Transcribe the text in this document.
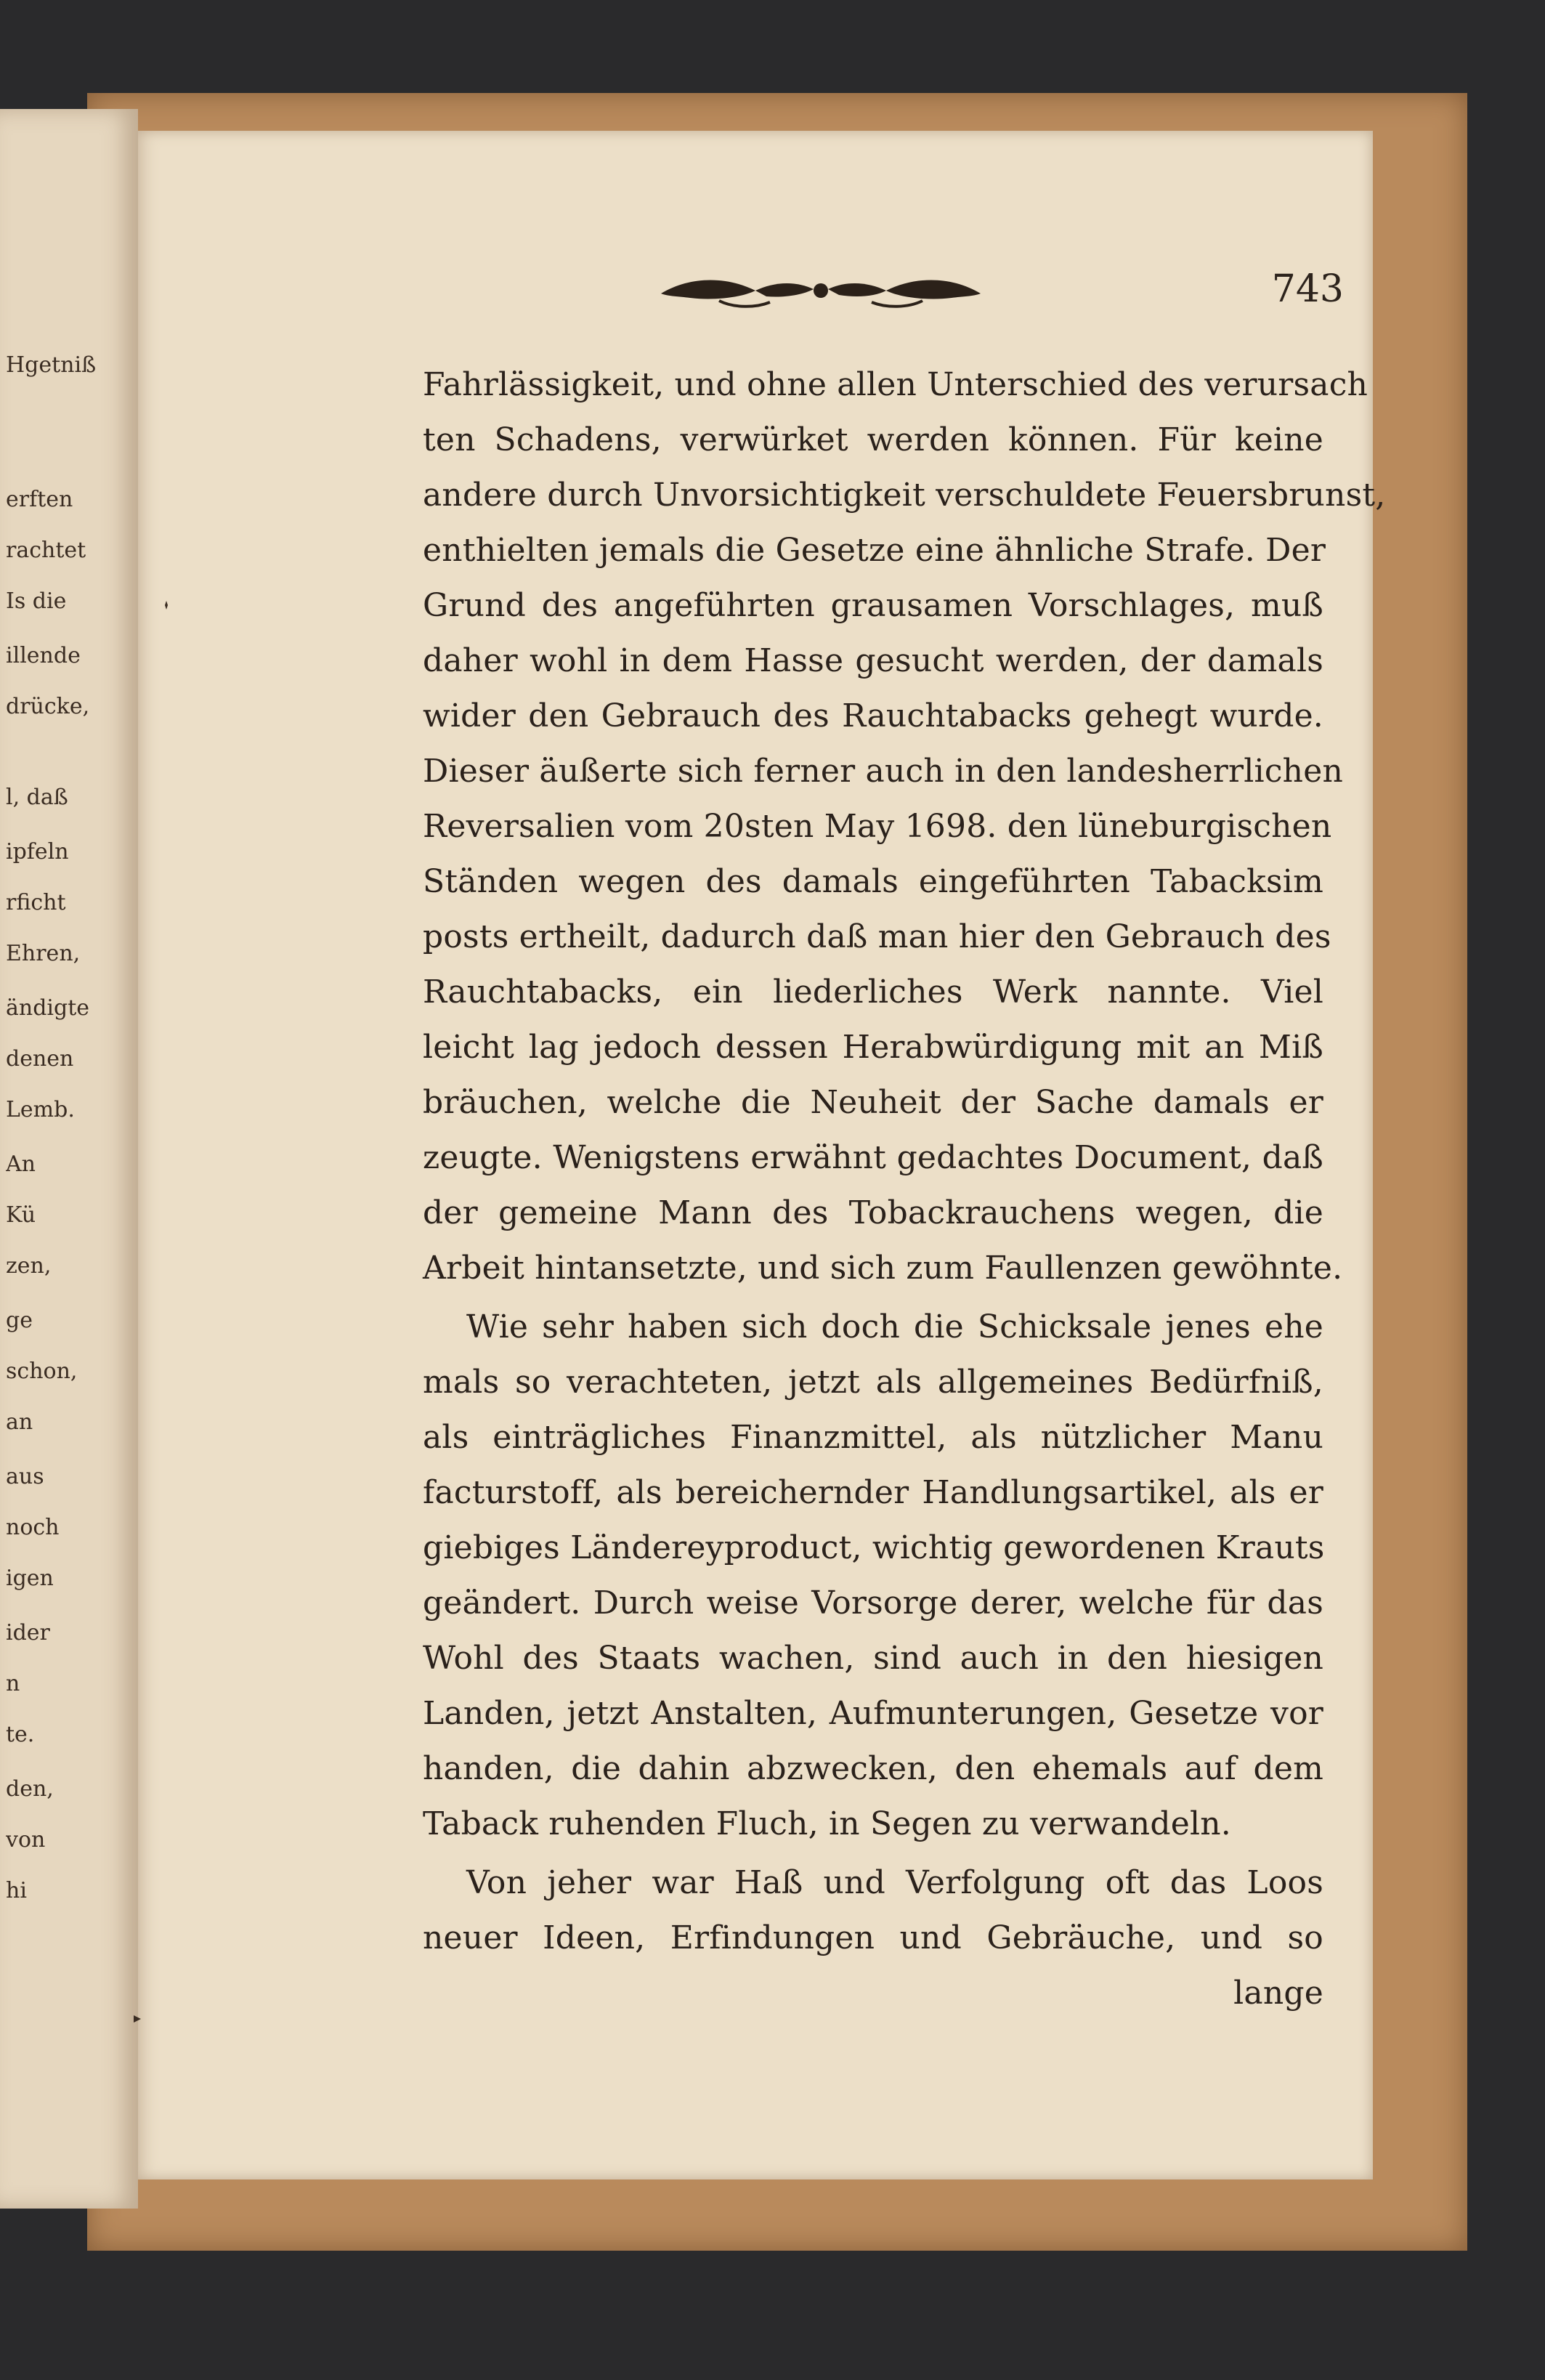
Hgetniß
erften
rachtet
Is die
illende
drücke,
l, daß
ipfeln
rficht
Ehren,
ändigte
denen
Lemb.
An
Kü
zen,
ge
schon,
an
aus
noch
igen
ider
n
te.
den,
von
hi
743
Fahrlässigkeit, und ohne allen Unterschied des verursach
ten Schadens, verwürket werden können. Für keine
andere durch Unvorsichtigkeit verschuldete Feuersbrunst,
enthielten jemals die Gesetze eine ähnliche Strafe. Der
Grund des angeführten grausamen Vorschlages, muß
daher wohl in dem Hasse gesucht werden, der damals
wider den Gebrauch des Rauchtabacks gehegt wurde.
Dieser äußerte sich ferner auch in den landesherrlichen
Reversalien vom 20sten May 1698. den lüneburgischen
Ständen wegen des damals eingeführten Tabacksim
posts ertheilt, dadurch daß man hier den Gebrauch des
Rauchtabacks, ein liederliches Werk nannte. Viel
leicht lag jedoch dessen Herabwürdigung mit an Miß
bräuchen, welche die Neuheit der Sache damals er
zeugte. Wenigstens erwähnt gedachtes Document, daß
der gemeine Mann des Tobackrauchens wegen, die
Arbeit hintansetzte, und sich zum Faullenzen gewöhnte.
Wie sehr haben sich doch die Schicksale jenes ehe
mals so verachteten, jetzt als allgemeines Bedürfniß,
als einträgliches Finanzmittel, als nützlicher Manu
facturstoff, als bereichernder Handlungsartikel, als er
giebiges Ländereyproduct, wichtig gewordenen Krauts
geändert. Durch weise Vorsorge derer, welche für das
Wohl des Staats wachen, sind auch in den hiesigen
Landen, jetzt Anstalten, Aufmunterungen, Gesetze vor
handen, die dahin abzwecken, den ehemals auf dem
Taback ruhenden Fluch, in Segen zu verwandeln.
Von jeher war Haß und Verfolgung oft das Loos
neuer Ideen, Erfindungen und Gebräuche, und so
lange
